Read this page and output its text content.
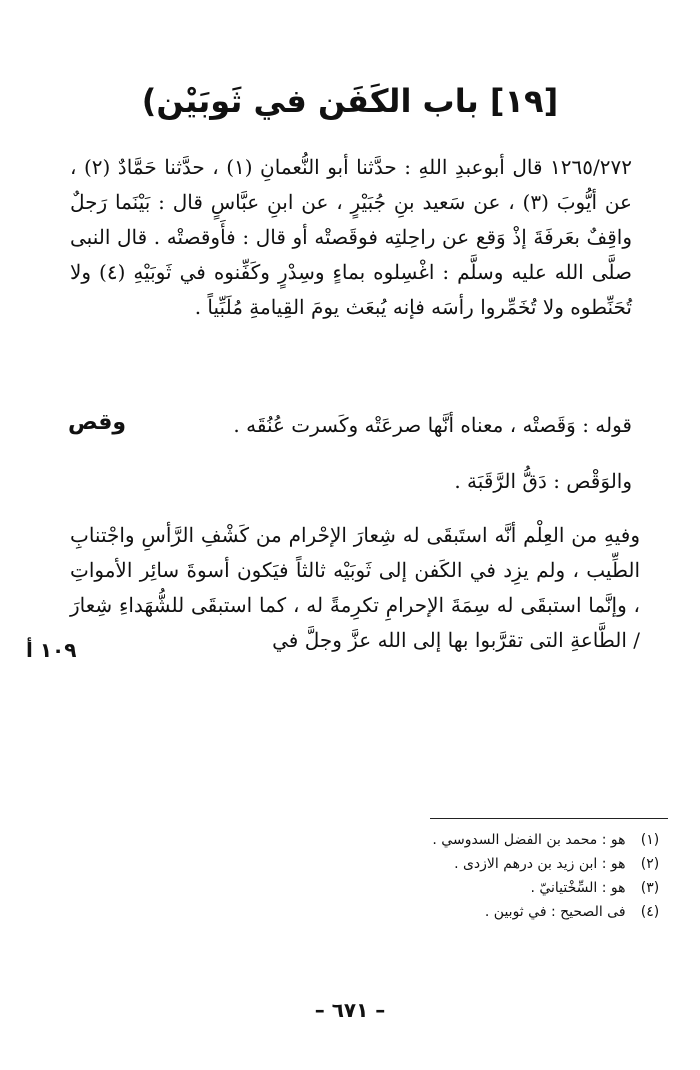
[١٩] باب الكَفَن في ثَوبَيْن)
١٢٦٥/٢٧٢ قال أبوعبدِ اللهِ : حدَّثنا أبو النُّعمانِ (١) ، حدَّثنا حَمَّادٌ (٢) ، عن أيُّوبَ (٣) ، عن سَعيد بنِ جُبَيْرٍ ، عن ابنِ عبَّاسٍ قال : بَيْنَما رَجلٌ واقِفٌ بعَرفَةَ إذْ وَقع عن راحِلتِه فوقَصتْه أو قال : فأَوقصتْه . قال النبى صلَّى الله عليه وسلَّم : اغْسِلوه بماءٍ وسِدْرٍ وكَفِّنوه في ثَوبَيْهِ (٤) ولا تُحَنِّطوه ولا تُخَمِّروا رأسَه فإنه يُبعَث يومَ القِيامةِ مُلَبِّياً .
قوله : وَقَصتْه ، معناه أنَّها صرعَتْه وكَسرت عُنُقَه .
والوَقْص : دَقُّ الرَّقَبَة .
وفيهِ من العِلْم أنَّه استَبقَى له شِعارَ الإحْرام من كَشْفِ الرَّأسِ واجْتنابِ الطِّيب ، ولم يزِد في الكَفن إلى ثَوبَيْه ثالثاً فيَكون أسوةَ سائِر الأمواتِ ، وإنَّما استبقَى له سِمَةَ الإحرامِ تكرِمةً له ، كما استبقَى للشُّهَداءِ شِعارَ / الطَّاعةِ التى تقرَّبوا بها إلى الله عزَّ وجلَّ في
وقص
١٠٩ أ
(١) هو : محمد بن الفضل السدوسي .
(٢) هو : ابن زيد بن درهم الازدى .
(٣) هو : السِّخْتيانيّ .
(٤) فى الصحيح : في ثوبين .
– ٦٧١ –
